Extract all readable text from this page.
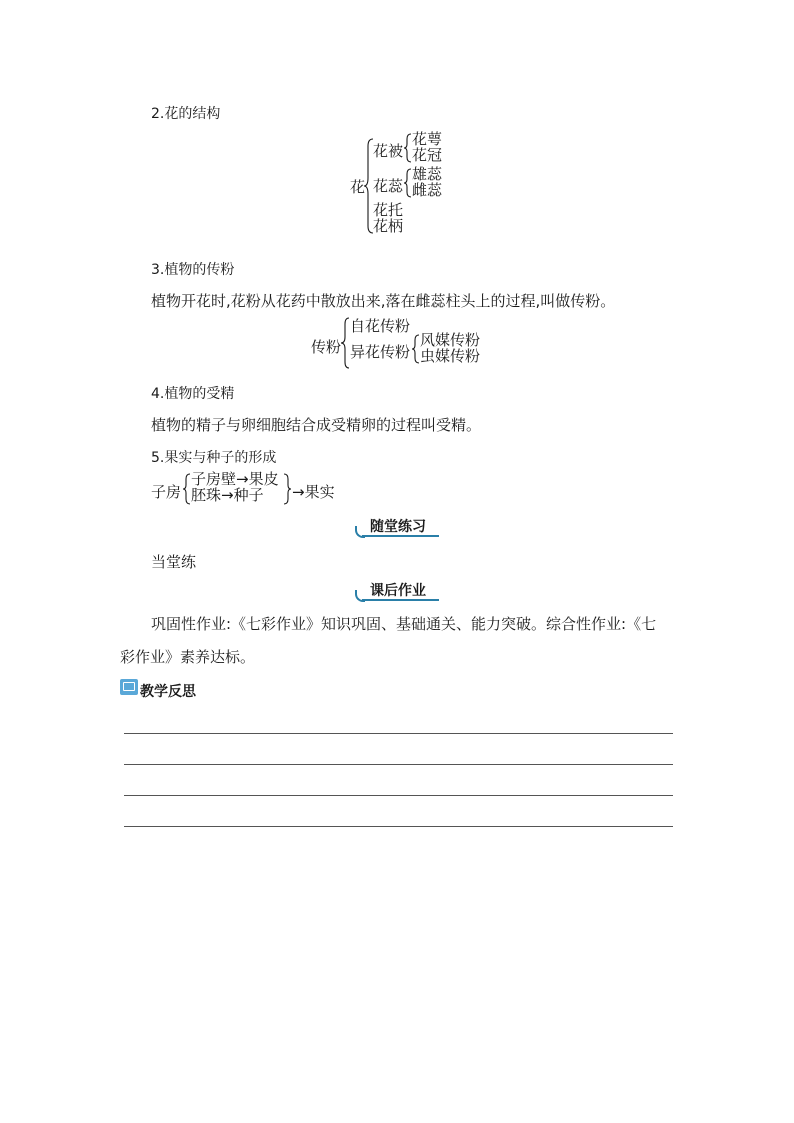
2.花的结构
花
花被
花萼
花冠
花蕊
雄蕊
雌蕊
花托
花柄
3.植物的传粉
植物开花时,花粉从花药中散放出来,落在雌蕊柱头上的过程,叫做传粉。
传粉
自花传粉
异花传粉
风媒传粉
虫媒传粉
4.植物的受精
植物的精子与卵细胞结合成受精卵的过程叫受精。
5.果实与种子的形成
子房
子房壁→果皮
胚珠→种子 →果实
随堂练习
当堂练
课后作业
巩固性作业:《七彩作业》知识巩固、基础通关、能力突破。综合性作业:《七
彩作业》素养达标。
教学反思
